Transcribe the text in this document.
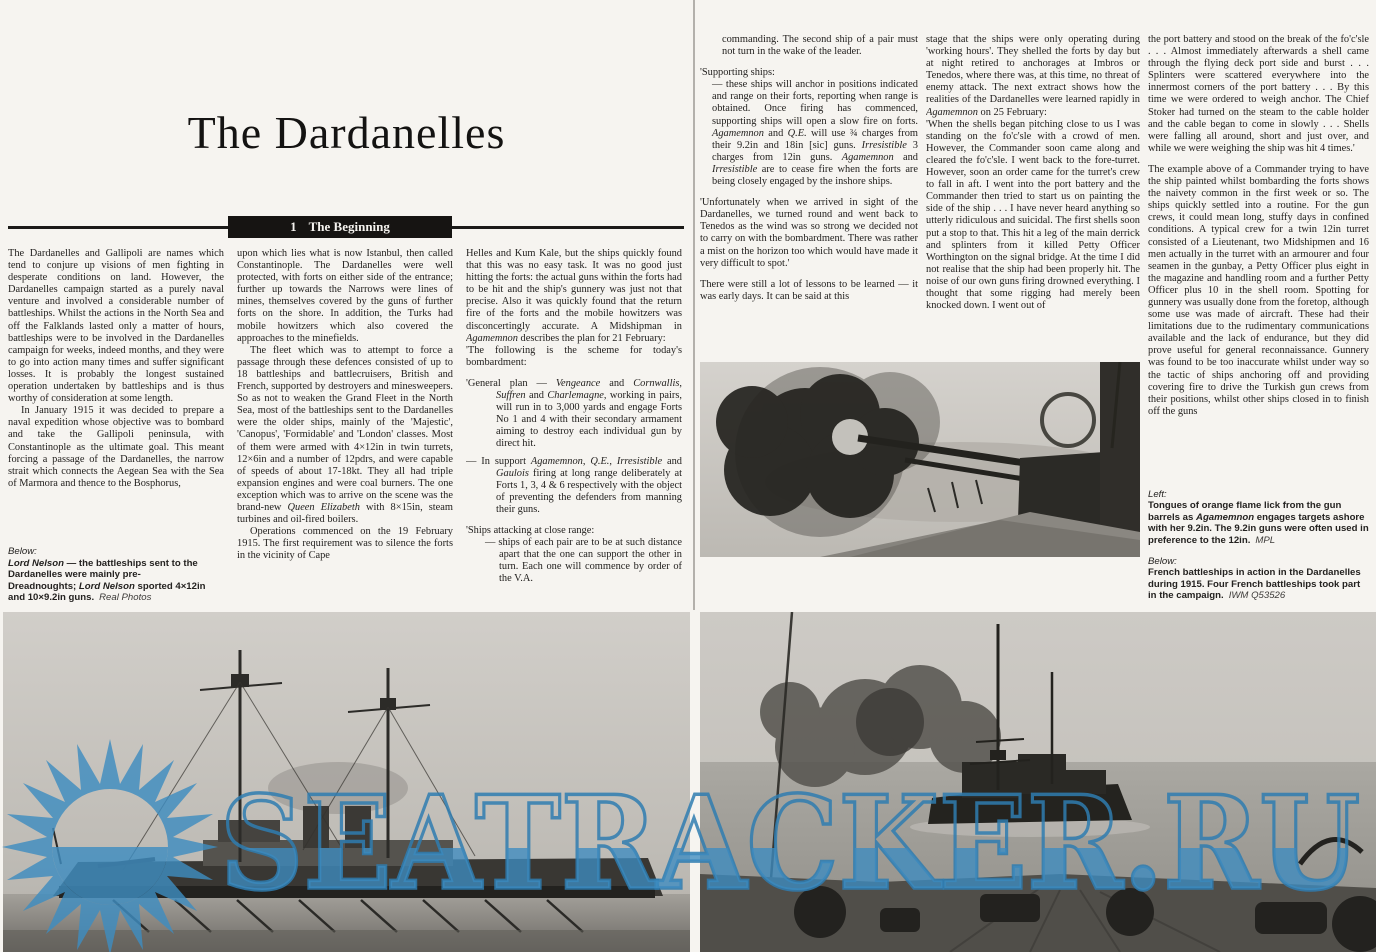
The Dardanelles
1 The Beginning

The Dardanelles and Gallipoli are names which tend to conjure up visions of men fighting in desperate conditions on land. However, the Dardanelles campaign started as a purely naval venture and involved a considerable number of battleships. Whilst the actions in the North Sea and off the Falklands lasted only a matter of hours, battleships were to be involved in the Dardanelles campaign for weeks, indeed months, and they were to go into action many times and suffer significant losses. It is probably the longest sustained operation undertaken by battleships and is thus worthy of consideration at some length.

In January 1915 it was decided to prepare a naval expedition whose objective was to bombard and take the Gallipoli peninsula, with Constantinople as the ultimate goal. This meant forcing a passage of the Dardanelles, the narrow strait which connects the Aegean Sea with the Sea of Marmora and thence to the Bosphorus,

Below:
Lord Nelson — the battleships sent to the Dardanelles were mainly pre-Dreadnoughts; Lord Nelson sported 4×12in and 10×9.2in guns. Real Photos

upon which lies what is now Istanbul, then called Constantinople. The Dardanelles were well protected, with forts on either side of the entrance; further up towards the Narrows were lines of mines, themselves covered by the guns of further forts on the shore. In addition, the Turks had mobile howitzers which also covered the approaches to the minefields.

The fleet which was to attempt to force a passage through these defences consisted of up to 18 battleships and battlecruisers, British and French, supported by destroyers and minesweepers. So as not to weaken the Grand Fleet in the North Sea, most of the battleships sent to the Dardanelles were the older ships, mainly of the 'Majestic', 'Canopus', 'Formidable' and 'London' classes. Most of them were armed with 4×12in in twin turrets, 12×6in and a number of 12pdrs, and were capable of speeds of about 17-18kt. They all had triple expansion engines and were coal burners. The one exception which was to arrive on the scene was the brand-new Queen Elizabeth with 8×15in, steam turbines and oil-fired boilers.

Operations commenced on the 19 February 1915. The first requirement was to silence the forts in the vicinity of Cape

Helles and Kum Kale, but the ships quickly found that this was no easy task. It was no good just hitting the forts: the actual guns within the forts had to be hit and the ship's gunnery was just not that precise. Also it was quickly found that the return fire of the forts and the mobile howitzers was disconcertingly accurate. A Midshipman in Agamemnon describes the plan for 21 February:

'The following is the scheme for today's bombardment:

'General plan — Vengeance and Cornwallis, Suffren and Charlemagne, working in pairs, will run in to 3,000 yards and engage Forts No 1 and 4 with their secondary armament aiming to destroy each individual gun by direct hit.

— In support Agamemnon, Q.E., Irresistible and Gaulois firing at long range deliberately at Forts 1, 3, 4 & 6 respectively with the object of preventing the defenders from manning their guns.

'Ships attacking at close range:

— ships of each pair are to be at such distance apart that the one can support the other in turn. Each one will commence by order of the V.A.

commanding. The second ship of a pair must not turn in the wake of the leader.

'Supporting ships:

— these ships will anchor in positions indicated and range on their forts, reporting when range is obtained. Once firing has commenced, supporting ships will open a slow fire on forts. Agamemnon and Q.E. will use ¾ charges from their 9.2in and 18in [sic] guns. Irresistible 3 charges from 12in guns. Agamemnon and Irresistible are to cease fire when the forts are being closely engaged by the inshore ships.

'Unfortunately when we arrived in sight of the Dardanelles, we turned round and went back to Tenedos as the wind was so strong we decided not to carry on with the bombardment. There was rather a mist on the horizon too which would have made it very difficult to spot.'

There were still a lot of lessons to be learned — it was early days. It can be said at this

stage that the ships were only operating during 'working hours'. They shelled the forts by day but at night retired to anchorages at Imbros or Tenedos, where there was, at this time, no threat of enemy attack. The next extract shows how the realities of the Dardanelles were learned rapidly in Agamemnon on 25 February:

'When the shells began pitching close to us I was standing on the fo'c'sle with a crowd of men. However, the Commander soon came along and cleared the fo'c'sle. I went back to the fore-turret. However, soon an order came for the turret's crew to fall in aft. I went into the port battery and the Commander then tried to start us on painting the side of the ship . . . I have never heard anything so utterly ridiculous and suicidal. The first shells soon put a stop to that. This hit a leg of the main derrick and splinters from it killed Petty Officer Worthington on the signal bridge. At the time I did not realise that the ship had been properly hit. The noise of our own guns firing drowned everything. I thought that some rigging had merely been knocked down. I went out of

the port battery and stood on the break of the fo'c'sle . . . Almost immediately afterwards a shell came through the flying deck port side and burst . . . Splinters were scattered everywhere into the innermost corners of the port battery . . . By this time we were ordered to weigh anchor. The Chief Stoker had turned on the steam to the cable holder and the cable began to come in slowly . . . Shells were falling all around, short and just over, and while we were weighing the ship was hit 4 times.'

The example above of a Commander trying to have the ship painted whilst bombarding the forts shows the naivety common in the first week or so. The ships quickly settled into a routine. For the gun crews, it could mean long, stuffy days in confined conditions. A typical crew for a twin 12in turret consisted of a Lieutenant, two Midshipmen and 16 men actually in the turret with an armourer and four seamen in the gunbay, a Petty Officer plus eight in the magazine and handling room and a further Petty Officer plus 10 in the shell room. Spotting for gunnery was usually done from the foretop, although some use was made of aircraft. These had their limitations due to the rudimentary communications available and the lack of endurance, but they did prove useful for general reconnaissance. Gunnery was found to be too inaccurate whilst under way so the tactic of ships anchoring off and providing covering fire to drive the Turkish gun crews from their positions, whilst other ships closed in to finish off the guns

Left:
Tongues of orange flame lick from the gun barrels as Agamemnon engages targets ashore with her 9.2in. The 9.2in guns were often used in preference to the 12in. MPL
Below:
French battleships in action in the Dardanelles during 1915. Four French battleships took part in the campaign. IWM Q53526
SEATRACKER.RU
